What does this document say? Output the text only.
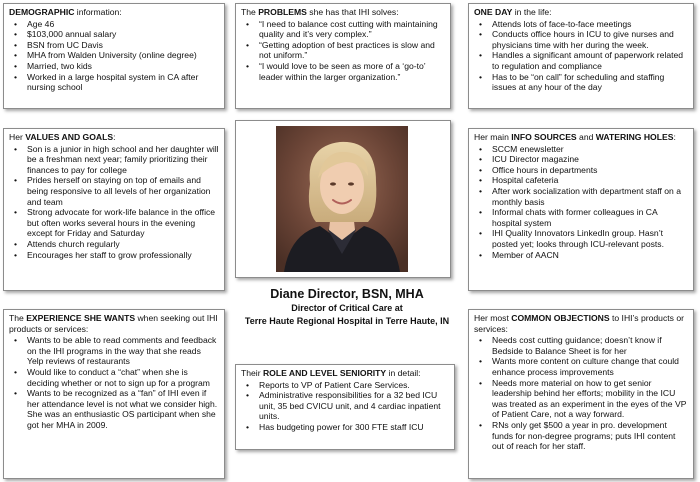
DEMOGRAPHIC information:
• Age 46
• $103,000 annual salary
• BSN from UC Davis
• MHA from Walden University (online degree)
• Married, two kids
• Worked in a large hospital system in CA after nursing school
The PROBLEMS she has that IHI solves:
• “I need to balance cost cutting with maintaining quality and it’s very complex.”
• “Getting adoption of best practices is slow and not uniform.”
• “I would love to be seen as more of a ‘go-to’ leader within the larger organization.”
ONE DAY in the life:
• Attends lots of face-to-face meetings
• Conducts office hours in ICU to give nurses and physicians time with her during the week.
• Handles a significant amount of paperwork related to regulation and compliance
• Has to be “on call” for scheduling and staffing issues at any hour of the day
Her VALUES AND GOALS:
• Son is a junior in high school and her daughter will be a freshman next year; family prioritizing their finances to pay for college
• Prides herself on staying on top of emails and being responsive to all levels of her organization and team
• Strong advocate for work-life balance in the office but often works several hours in the evening except for Friday and Saturday
• Attends church regularly
• Encourages her staff to grow professionally
Her main INFO SOURCES and WATERING HOLES:
• SCCM enewsletter
• ICU Director magazine
• Office hours in departments
• Hospital cafeteria
• After work socialization with department staff on a monthly basis
• Informal chats with former colleagues in CA hospital system
• IHI Quality Innovators LinkedIn group. Hasn’t posted yet; looks through ICU-relevant posts.
• Member of AACN
The EXPERIENCE SHE WANTS when seeking out IHI products or services:
• Wants to be able to read comments and feedback on the IHI programs in the way that she reads Yelp reviews of restaurants
• Would like to conduct a “chat” when she is deciding whether or not to sign up for a program
• Wants to be recognized as a “fan” of IHI even if her attendance level is not what we consider high. She was an enthusiastic OS participant when she got her MHA in 2009.
Diane Director, BSN, MHA
Director of Critical Care at
Terre Haute Regional Hospital in Terre Haute, IN
Their ROLE AND LEVEL SENIORITY in detail:
• Reports to VP of Patient Care Services.
• Administrative responsibilities for a 32 bed ICU unit, 35 bed CVICU unit, and 4 cardiac inpatient units.
• Has budgeting power for 300 FTE staff ICU
Her most COMMON OBJECTIONS to IHI’s products or services:
• Needs cost cutting guidance; doesn’t know if Bedside to Balance Sheet is for her
• Wants more content on culture change that could enhance process improvements
• Needs more material on how to get senior leadership behind her efforts; mobility in the ICU was treated as an experiment in the eyes of the VP of Patient Care, not a way forward.
• RNs only get $500 a year in pro. development funds for non-degree programs; puts IHI content out of reach for her staff.
